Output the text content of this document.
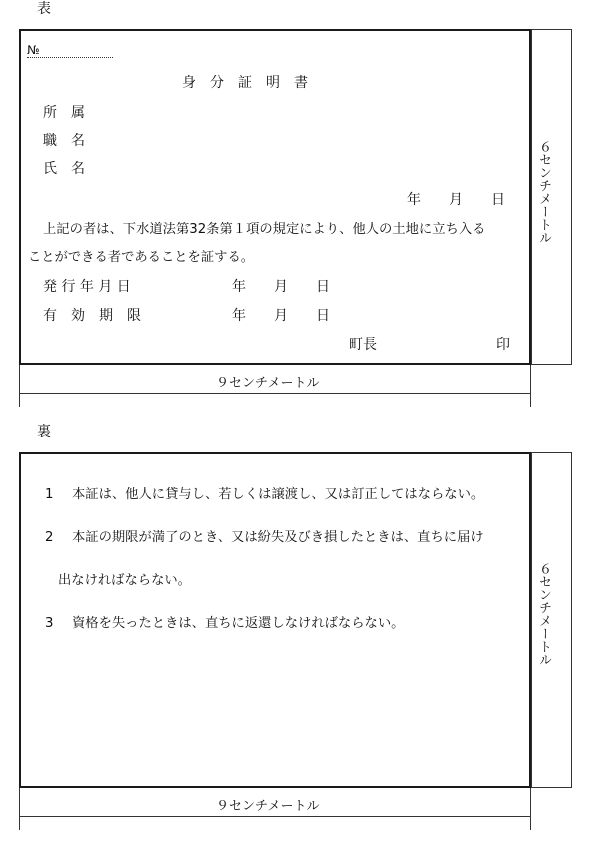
表
№
身　分　証　明　書
所　属
職　名
氏　名
年　　月　　日
上記の者は、下水道法第32条第１項の規定により、他人の土地に立ち入る
ことができる者であることを証する。
発 行 年 月 日	年　　月　　日
有　効　期　限	年　　月　　日
町長	印
６センチメートル
９センチメートル
裏
1 本証は、他人に貸与し、若しくは譲渡し、又は訂正してはならない。
2 本証の期限が満了のとき、又は紛失及びき損したときは、直ちに届け
出なければならない。
3 資格を失ったときは、直ちに返還しなければならない。	６センチメートル
９センチメートル
